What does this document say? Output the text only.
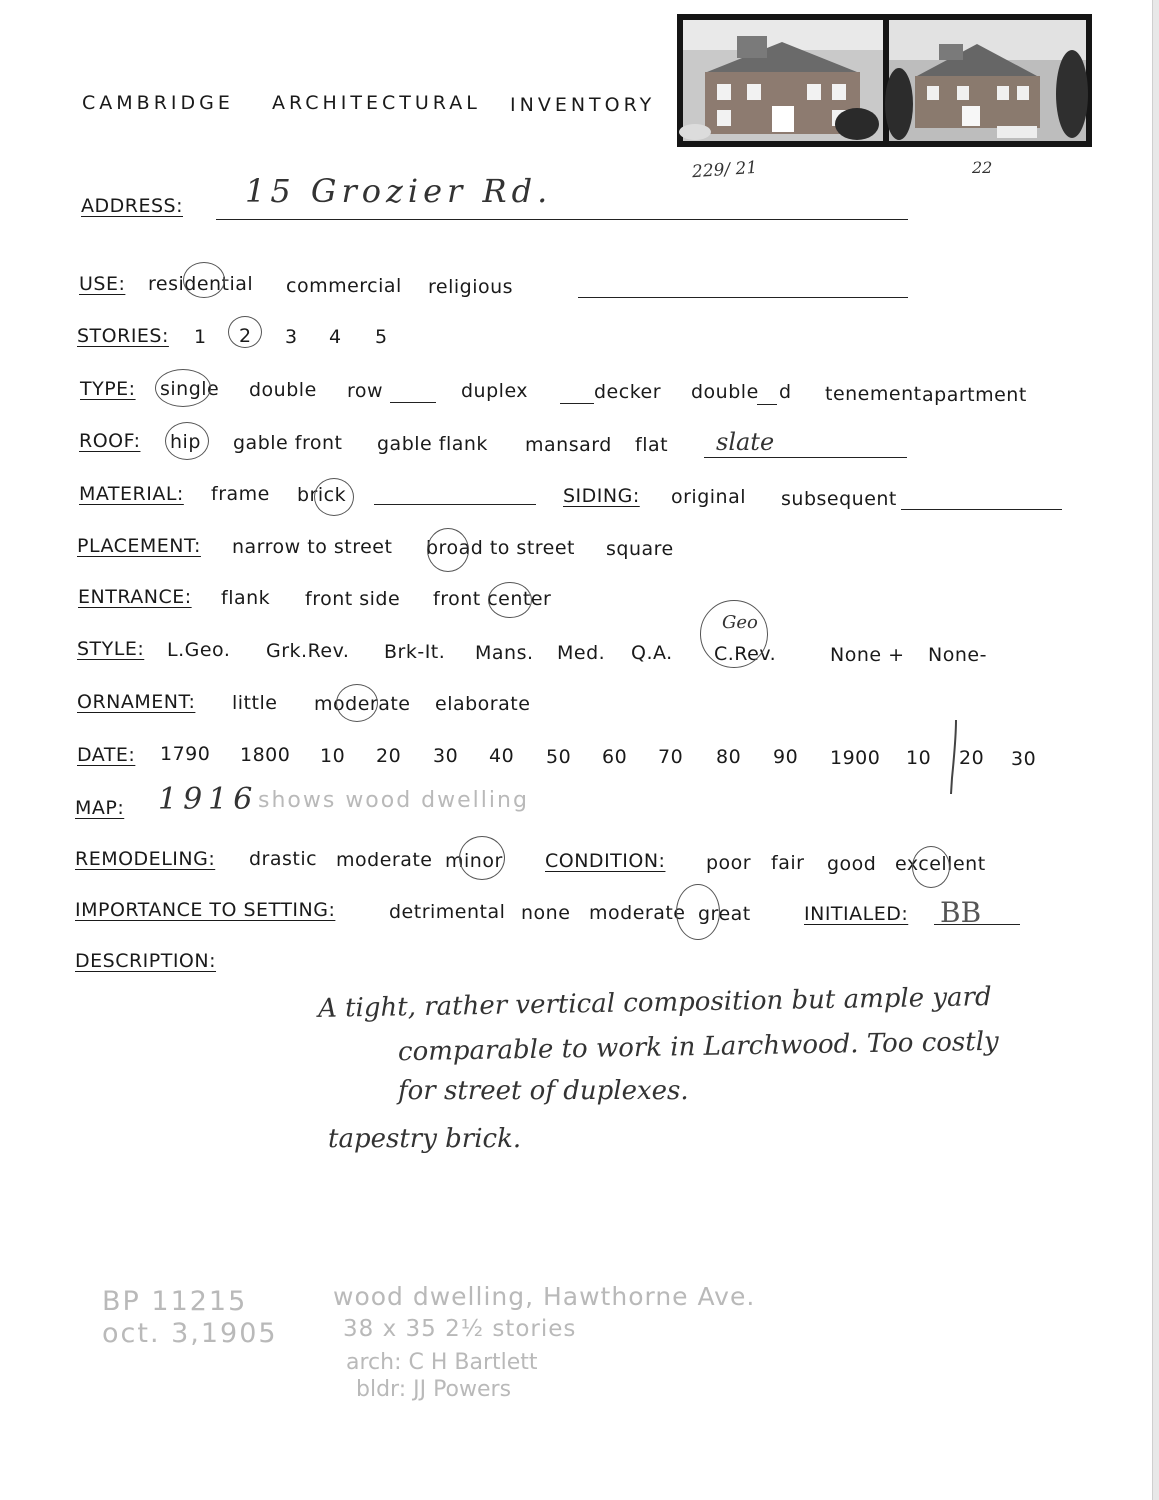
CAMBRIDGE ARCHITECTURAL INVENTORY
229/ 21	22
ADDRESS: 15 Grozier Rd.
USE: residential commercial religious
STORIES: 1 2 3 4 5
TYPE: single double row	duplex	decker double d tenement apartment
ROOF: hip gable front gable flank mansard flat slate
MATERIAL: frame brick	SIDING: original subsequent
PLACEMENT: narrow to street broad to street square
ENTRANCE: flank front side front center
STYLE: L.Geo. Grk.Rev. Brk-It. Mans. Med. Q.A. C.Rev.	None + None-
Geo
ORNAMENT: little moderate elaborate
DATE: 1790 1800 10 20 30 40 50 60 70 80 90 1900 10 20 30
MAP: 1916 shows wood dwelling
REMODELING: drastic moderate minor CONDITION: poor fair good excellent
IMPORTANCE TO SETTING:	detrimental none moderate great	INITIALED: BB
DESCRIPTION:
A tight, rather vertical composition but ample yard
comparable to work in Larchwood. Too costly
for street of duplexes.
tapestry brick.
BP 11215
oct. 3,1905
wood dwelling, Hawthorne Ave.
38 x 35 2½ stories
arch: C H Bartlett
bldr: JJ Powers
